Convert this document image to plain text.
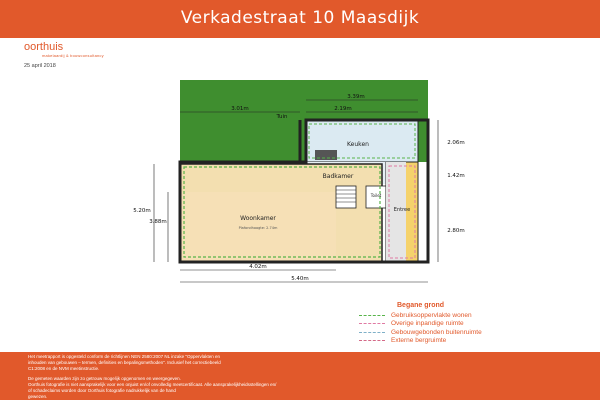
Verkadestraat 10 Maasdijk
oorthuis
makelaardij & bouwconsultancy
25 april 2018
Keuken
Badkamer
Woonkamer
Plafondhoogte: 2.74m
Entree
Toilet
Tuin
3.01m
3.39m
2.19m
2.06m
1.42m
5.20m
3.88m
2.80m
4.02m
5.40m
Begane grond
Gebruiksoppervlakte wonen
Overige inpandige ruimte
Gebouwgebonden buitenruimte
Externe bergruimte
Het meetrapport is opgesteld conform de richtlijnen NEN 2580:2007 NL inzake "Oppervlakten en
inhouden van gebouwen – termen, definities en bepalingsmethoden". Inclusief het correctiebeeld
C1:2008 en de NVM meetinstructie.
De gemeten waarden zijn zo getrouw mogelijk opgenomen en weergegeven.
Oorthuis fotografie is niet aansprakelijk voor een onjuist en/of onvolledig meetcertificaat. Alle aansprakelijkheidsstellingen en/
of schadeclaims worden door Oorthuis fotografie nadrukkelijk van de hand
gewezen.
